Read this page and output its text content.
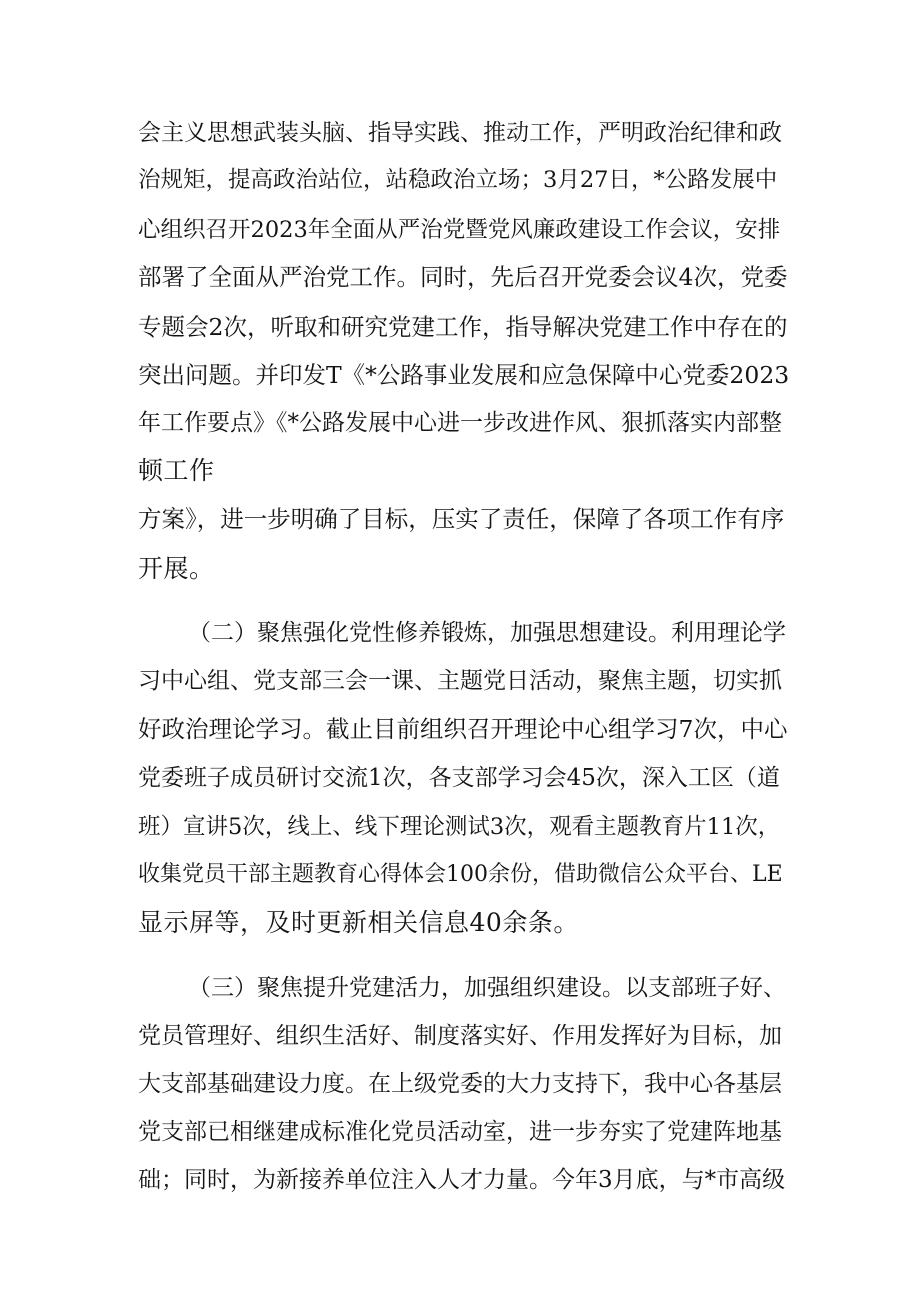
会主义思想武装头脑、指导实践、推动工作，严明政治纪律和政
治规矩，提高政治站位，站稳政治立场；3月27日，*公路发展中
心组织召开2023年全面从严治党暨党风廉政建设工作会议，安排
部署了全面从严治党工作。同时，先后召开党委会议4次，党委
专题会2次，听取和研究党建工作，指导解决党建工作中存在的
突出问题。并印发T《*公路事业发展和应急保障中心党委2023
年工作要点》《*公路发展中心进一步改进作风、狠抓落实内部整
顿工作
方案》，进一步明确了目标，压实了责任，保障了各项工作有序
开展。
（二）聚焦强化党性修养锻炼，加强思想建设。利用理论学
习中心组、党支部三会一课、主题党日活动，聚焦主题，切实抓
好政治理论学习。截止目前组织召开理论中心组学习7次，中心
党委班子成员研讨交流1次，各支部学习会45次，深入工区（道
班）宣讲5次，线上、线下理论测试3次，观看主题教育片11次，
收集党员干部主题教育心得体会100余份，借助微信公众平台、LE
显示屏等，及时更新相关信息40余条。
（三）聚焦提升党建活力，加强组织建设。以支部班子好、
党员管理好、组织生活好、制度落实好、作用发挥好为目标，加
大支部基础建设力度。在上级党委的大力支持下，我中心各基层
党支部已相继建成标准化党员活动室，进一步夯实了党建阵地基
础；同时，为新接养单位注入人才力量。今年3月底，与*市高级
